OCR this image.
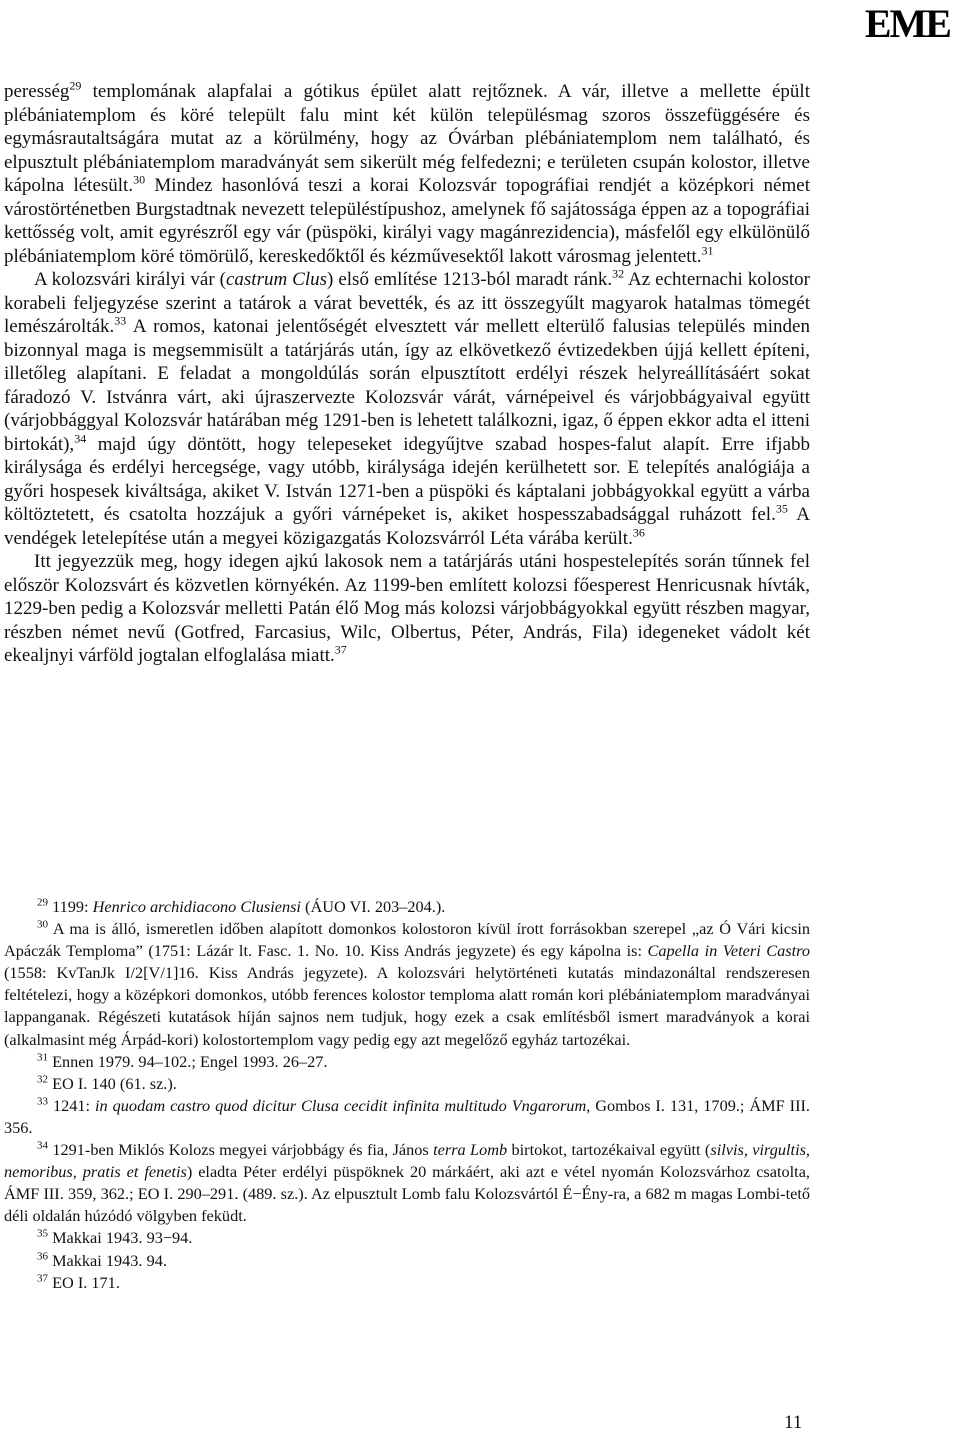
EME

peresség$^{29}$ templomának alapfalai a gótikus épület alatt rejtőznek. A vár, illetve a mellette épült plébániatemplom és köré települt falu mint két külön településmag szoros összefüggésére és egymásrautaltságára mutat az a körülmény, hogy az Óvárban plébániatemplom nem található, és elpusztult plébániatemplom maradványát sem sikerült még felfedezni; e területen csupán kolostor, illetve kápolna létesült.$^{30}$ Mindez hasonlóvá teszi a korai Kolozsvár topográfiai rendjét a középkori német várostörténetben Burgstadtnak nevezett településtípushoz, amelynek fő sajátossága éppen az a topográfiai kettősség volt, amit egyrészről egy vár (püspöki, királyi vagy magánrezidencia), másfelől egy elkülönülő plébániatemplom köré tömörülő, kereskedőktől és kézművesektől lakott városmag jelentett.$^{31}$

A kolozsvári királyi vár (castrum Clus) első említése 1213-ból maradt ránk.$^{32}$ Az echternachi kolostor korabeli feljegyzése szerint a tatárok a várat bevették, és az itt összegyűlt magyarok hatalmas tömegét lemészárolták.$^{33}$ A romos, katonai jelentőségét elvesztett vár mellett elterülő falusias település minden bizonnyal maga is megsemmisült a tatárjárás után, így az elkövetkező évtizedekben újjá kellett építeni, illetőleg alapítani. E feladat a mongoldúlás során elpusztított erdélyi részek helyreállításáért sokat fáradozó V. Istvánra várt, aki újraszervezte Kolozsvár várát, várnépeivel és várjobbágyaival együtt (várjobbággyal Kolozsvár határában még 1291-ben is lehetett találkozni, igaz, ő éppen ekkor adta el itteni birtokát),$^{34}$ majd úgy döntött, hogy telepeseket idegyűjtve szabad hospes-falut alapít. Erre ifjabb királysága és erdélyi hercegsége, vagy utóbb, királysága idején kerülhetett sor. E telepítés analógiája a győri hospesek kiváltsága, akiket V. István 1271-ben a püspöki és káptalani jobbágyokkal együtt a várba költöztetett, és csatolta hozzájuk a győri várnépeket is, akiket hospesszabadsággal ruházott fel.$^{35}$ A vendégek letelepítése után a megyei közigazgatás Kolozsvárról Léta várába került.$^{36}$

Itt jegyezzük meg, hogy idegen ajkú lakosok nem a tatárjárás utáni hospestelepítés során tűnnek fel először Kolozsvárt és közvetlen környékén. Az 1199-ben említett kolozsi főesperest Henricusnak hívták, 1229-ben pedig a Kolozsvár melletti Patán élő Mog más kolozsi várjobbágyokkal együtt részben magyar, részben német nevű (Gotfred, Farcasius, Wilc, Olbertus, Péter, András, Fila) idegeneket vádolt két ekealjnyi várföld jogtalan elfoglalása miatt.$^{37}$

$^{29}$ 1199: Henrico archidiacono Clusiensi (ÁUO VI. 203–204.).

$^{30}$ A ma is álló, ismeretlen időben alapított domonkos kolostoron kívül írott forrásokban szerepel „az Ó Vári kicsin Apáczák Temploma” (1751: Lázár lt. Fasc. 1. No. 10. Kiss András jegyzete) és egy kápolna is: Capella in Veteri Castro (1558: KvTanJk I/2[V/1]16. Kiss András jegyzete). A kolozsvári helytörténeti kutatás mindazonáltal rendszeresen feltételezi, hogy a középkori domonkos, utóbb ferences kolostor temploma alatt román kori plébániatemplom maradványai lappanganak. Régészeti kutatások híján sajnos nem tudjuk, hogy ezek a csak említésből ismert maradványok a korai (alkalmasint még Árpád-kori) kolostortemplom vagy pedig egy azt megelőző egyház tartozékai.

$^{31}$ Ennen 1979. 94–102.; Engel 1993. 26–27.

$^{32}$ EO I. 140 (61. sz.).

$^{33}$ 1241: in quodam castro quod dicitur Clusa cecidit infinita multitudo Vngarorum, Gombos I. 131, 1709.; ÁMF III. 356.

$^{34}$ 1291-ben Miklós Kolozs megyei várjobbágy és fia, János terra Lomb birtokot, tartozékaival együtt (silvis, virgultis, nemoribus, pratis et fenetis) eladta Péter erdélyi püspöknek 20 márkáért, aki azt e vétel nyomán Kolozsvárhoz csatolta, ÁMF III. 359, 362.; EO I. 290–291. (489. sz.). Az elpusztult Lomb falu Kolozsvártól É−Ény-ra, a 682 m magas Lombi-tető déli oldalán húzódó völgyben feküdt.

$^{35}$ Makkai 1943. 93−94.

$^{36}$ Makkai 1943. 94.

$^{37}$ EO I. 171.

11
